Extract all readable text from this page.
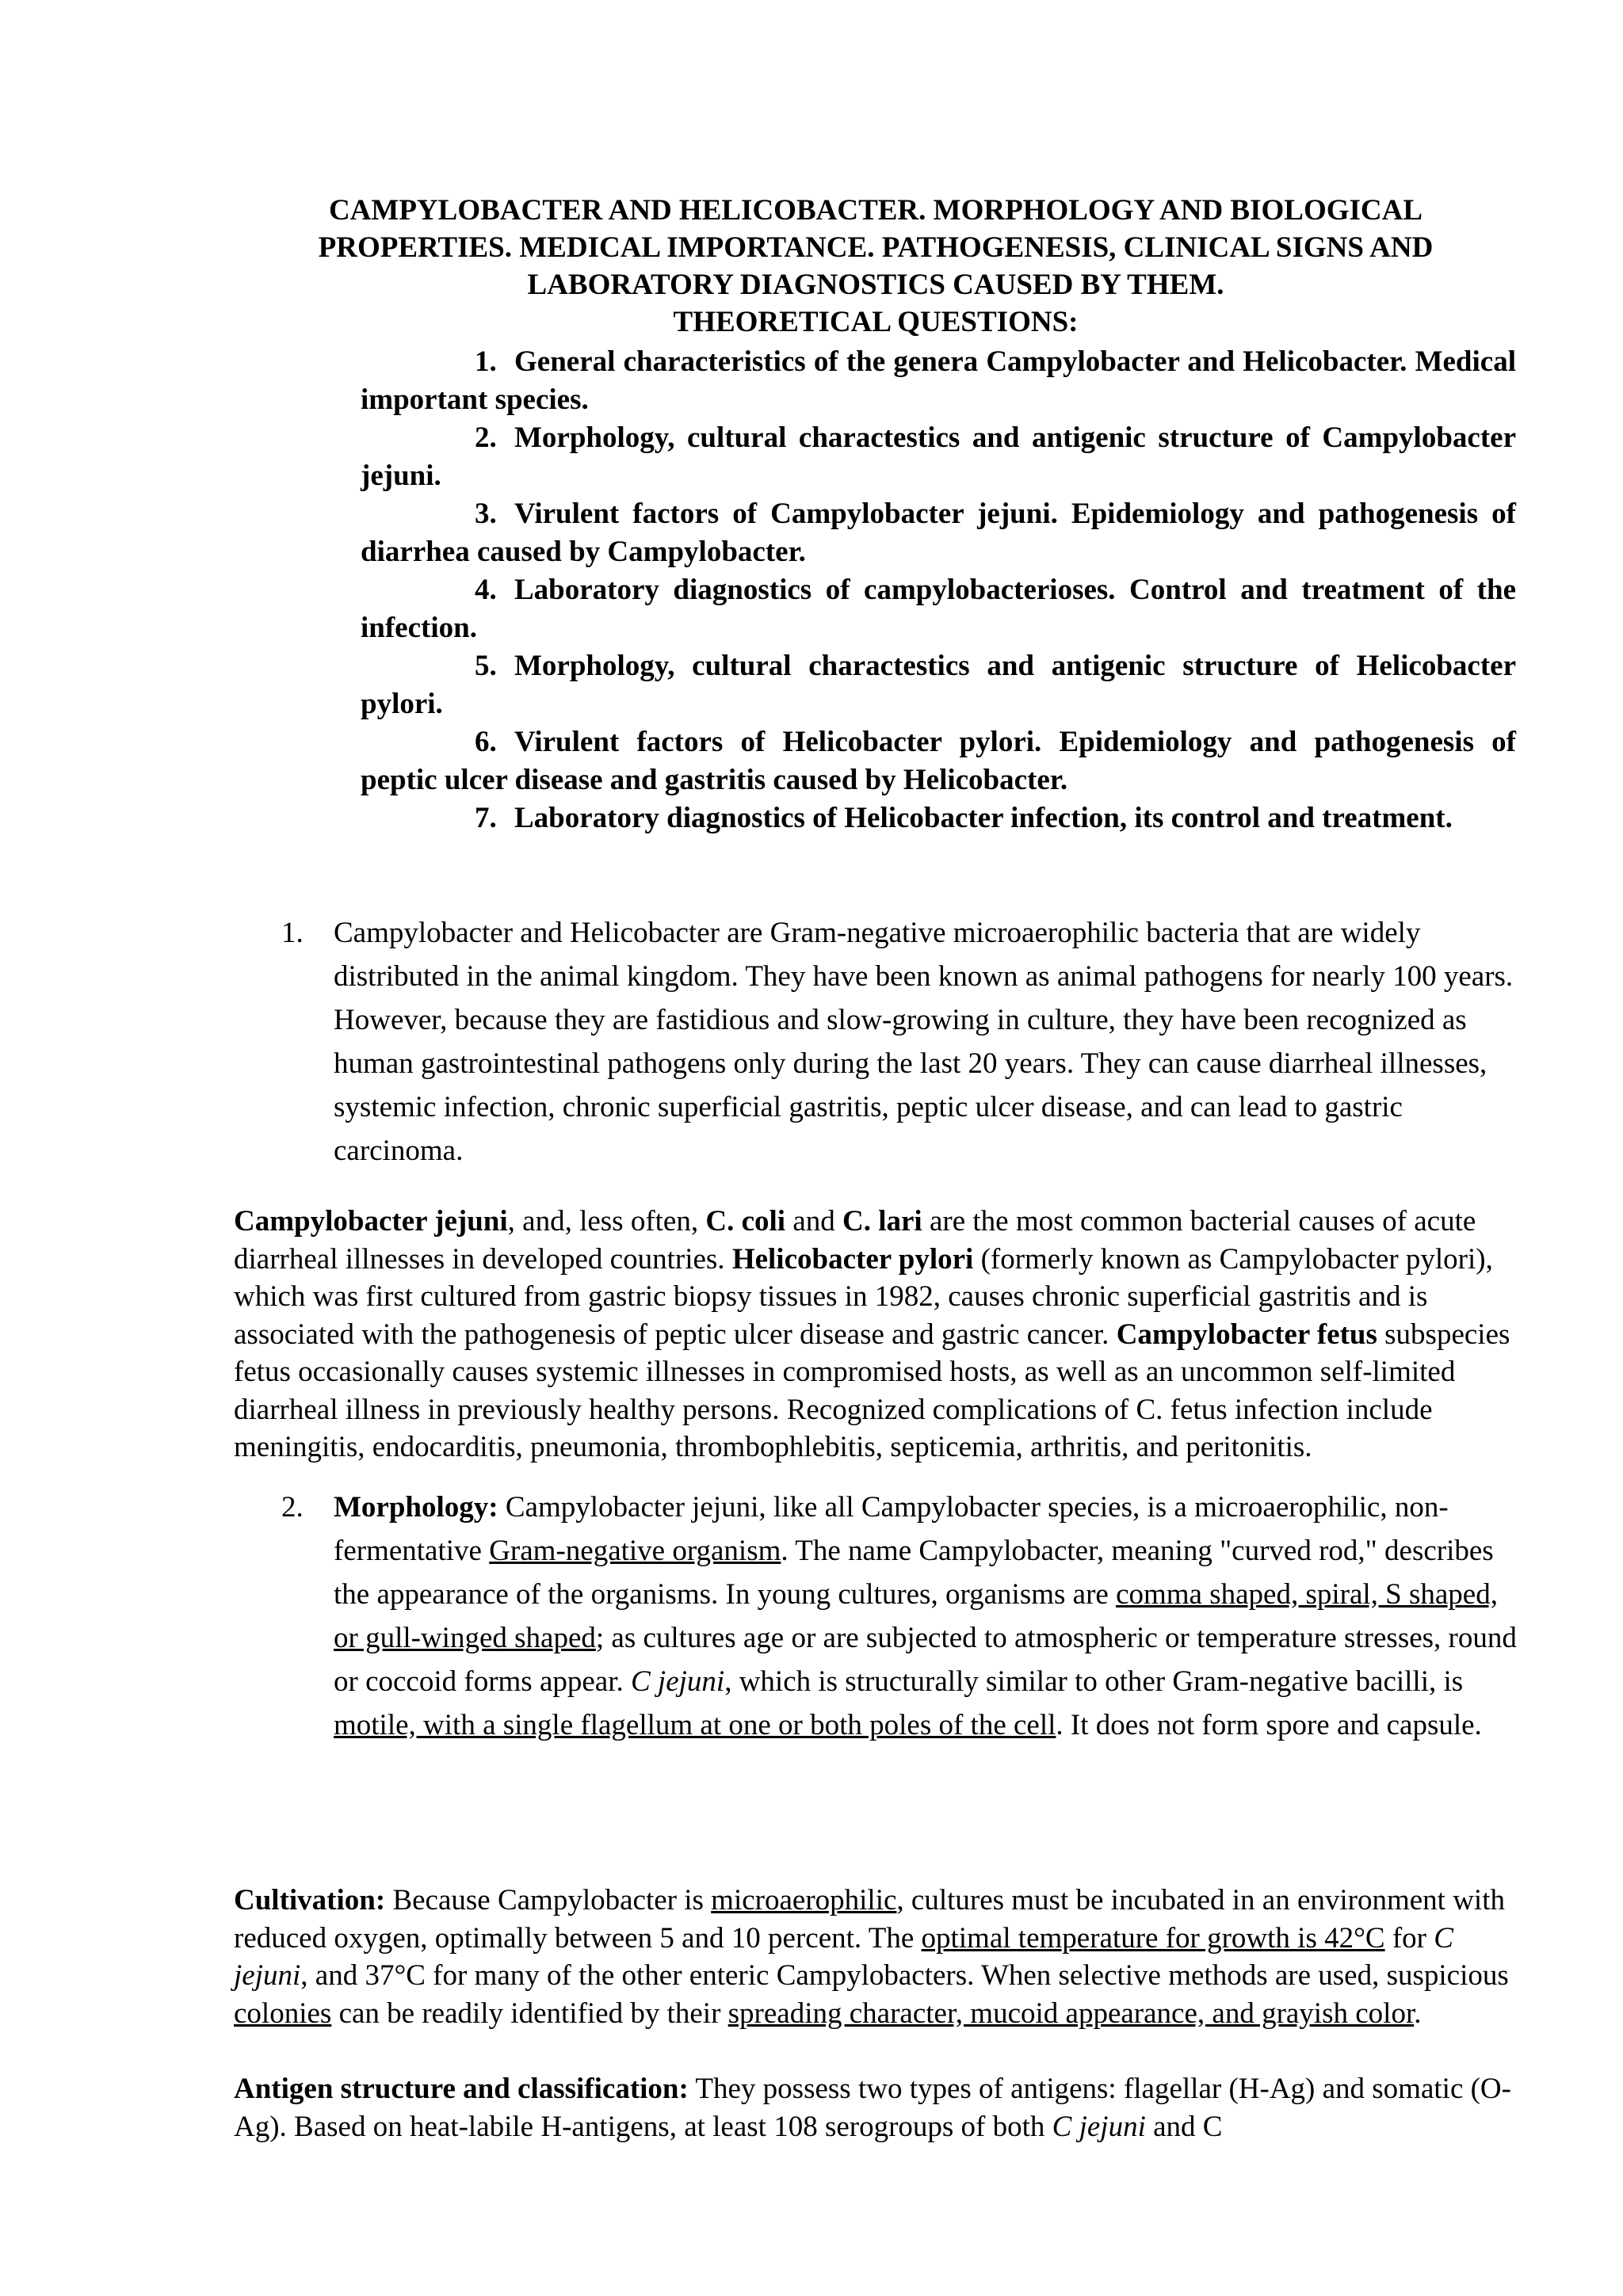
CAMPYLOBACTER AND HELICOBACTER. MORPHOLOGY AND BIOLOGICAL
PROPERTIES. MEDICAL IMPORTANCE. PATHOGENESIS, CLINICAL SIGNS AND
LABORATORY DIAGNOSTICS CAUSED BY THEM.
THEORETICAL QUESTIONS:
1. General characteristics of the genera Campylobacter and Helicobacter. Medical important species.
2. Morphology, cultural charactestics and antigenic structure of Campylobacter jejuni.
3. Virulent factors of Campylobacter jejuni. Epidemiology and pathogenesis of diarrhea caused by Campylobacter.
4. Laboratory diagnostics of campylobacterioses. Control and treatment of the infection.
5. Morphology, cultural charactestics and antigenic structure of Helicobacter pylori.
6. Virulent factors of Helicobacter pylori. Epidemiology and pathogenesis of peptic ulcer disease and gastritis caused by Helicobacter.
7. Laboratory diagnostics of Helicobacter infection, its control and treatment.
1. Campylobacter and Helicobacter are Gram-negative microaerophilic bacteria that are widely distributed in the animal kingdom. They have been known as animal pathogens for nearly 100 years. However, because they are fastidious and slow-growing in culture, they have been recognized as human gastrointestinal pathogens only during the last 20 years. They can cause diarrheal illnesses, systemic infection, chronic superficial gastritis, peptic ulcer disease, and can lead to gastric carcinoma.
Campylobacter jejuni, and, less often, C. coli and C. lari are the most common bacterial causes of acute diarrheal illnesses in developed countries. Helicobacter pylori (formerly known as Campylobacter pylori), which was first cultured from gastric biopsy tissues in 1982, causes chronic superficial gastritis and is associated with the pathogenesis of peptic ulcer disease and gastric cancer. Campylobacter fetus subspecies fetus occasionally causes systemic illnesses in compromised hosts, as well as an uncommon self-limited diarrheal illness in previously healthy persons. Recognized complications of C. fetus infection include meningitis, endocarditis, pneumonia, thrombophlebitis, septicemia, arthritis, and peritonitis.
2. Morphology: Campylobacter jejuni, like all Campylobacter species, is a microaerophilic, non-fermentative Gram-negative organism. The name Campylobacter, meaning "curved rod," describes the appearance of the organisms. In young cultures, organisms are comma shaped, spiral, S shaped, or gull-winged shaped; as cultures age or are subjected to atmospheric or temperature stresses, round or coccoid forms appear. C jejuni, which is structurally similar to other Gram-negative bacilli, is motile, with a single flagellum at one or both poles of the cell. It does not form spore and capsule.
Cultivation: Because Campylobacter is microaerophilic, cultures must be incubated in an environment with reduced oxygen, optimally between 5 and 10 percent. The optimal temperature for growth is 42°C for C jejuni, and 37°C for many of the other enteric Campylobacters. When selective methods are used, suspicious colonies can be readily identified by their spreading character, mucoid appearance, and grayish color.
Antigen structure and classification: They possess two types of antigens: flagellar (H-Ag) and somatic (O-Ag). Based on heat-labile H-antigens, at least 108 serogroups of both C jejuni and C
